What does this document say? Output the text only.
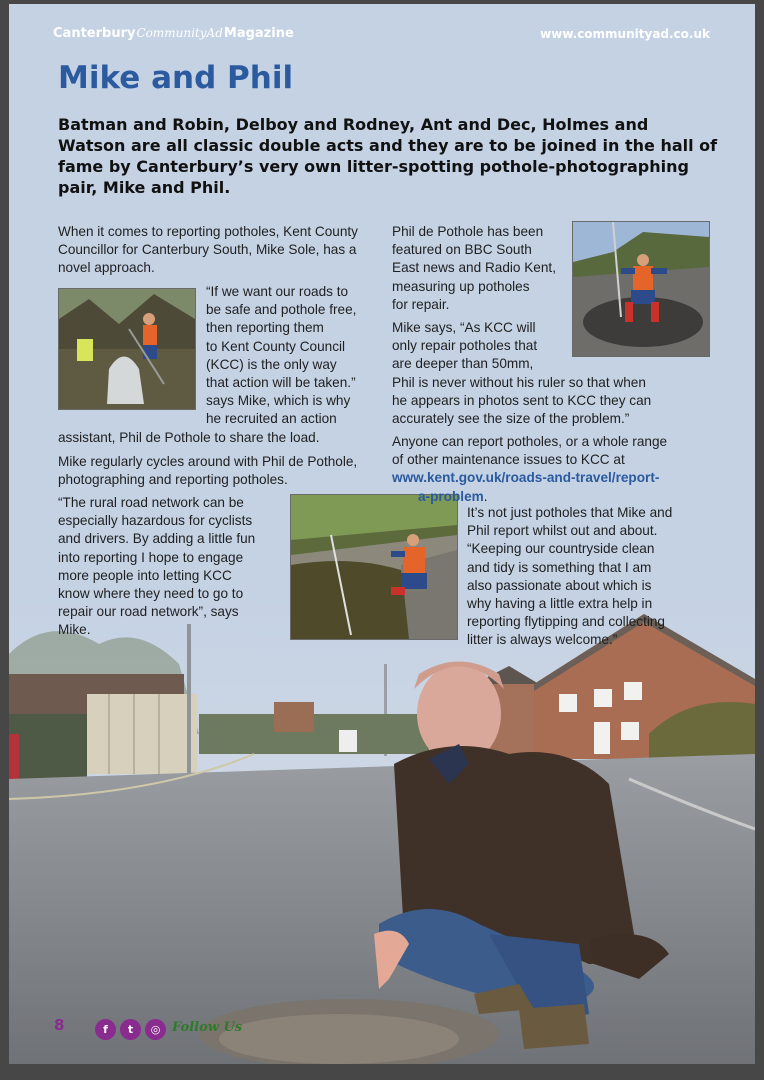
CanterburyCommunityAdMagazine	www.communityad.co.uk
Mike and Phil

Batman and Robin, Delboy and Rodney, Ant and Dec, Holmes and Watson are all classic double acts and they are to be joined in the hall of fame by Canterbury’s very own litter-spotting pothole-photographing pair, Mike and Phil.

When it comes to reporting potholes, Kent County Councillor for Canterbury South, Mike Sole, has a novel approach.

“If we want our roads to
be safe and pothole free,
then reporting them
to Kent County Council
(KCC) is the only way
that action will be taken.”
says Mike, which is why
he recruited an action
assistant, Phil de Pothole to share the load.

Mike regularly cycles around with Phil de Pothole, photographing and reporting potholes.

“The rural road network can be
especially hazardous for cyclists
and drivers. By adding a little fun
into reporting I hope to engage
more people into letting KCC
know where they need to go to
repair our road network”, says
Mike.
Phil de Pothole has been
featured on BBC South
East news and Radio Kent,
measuring up potholes
for repair.
Mike says, “As KCC will
only repair potholes that
are deeper than 50mm,
Phil is never without his ruler so that when
he appears in photos sent to KCC they can
accurately see the size of the problem.”
Anyone can report potholes, or a whole range
of other maintenance issues to KCC at
www.kent.gov.uk/roads-and-travel/report-
a-problem.
It’s not just potholes that Mike and
Phil report whilst out and about.
“Keeping our countryside clean
and tidy is something that I am
also passionate about which is
why having a little extra help in
reporting flytipping and collecting
litter is always welcome.”
8	f	t	◎ Follow Us
